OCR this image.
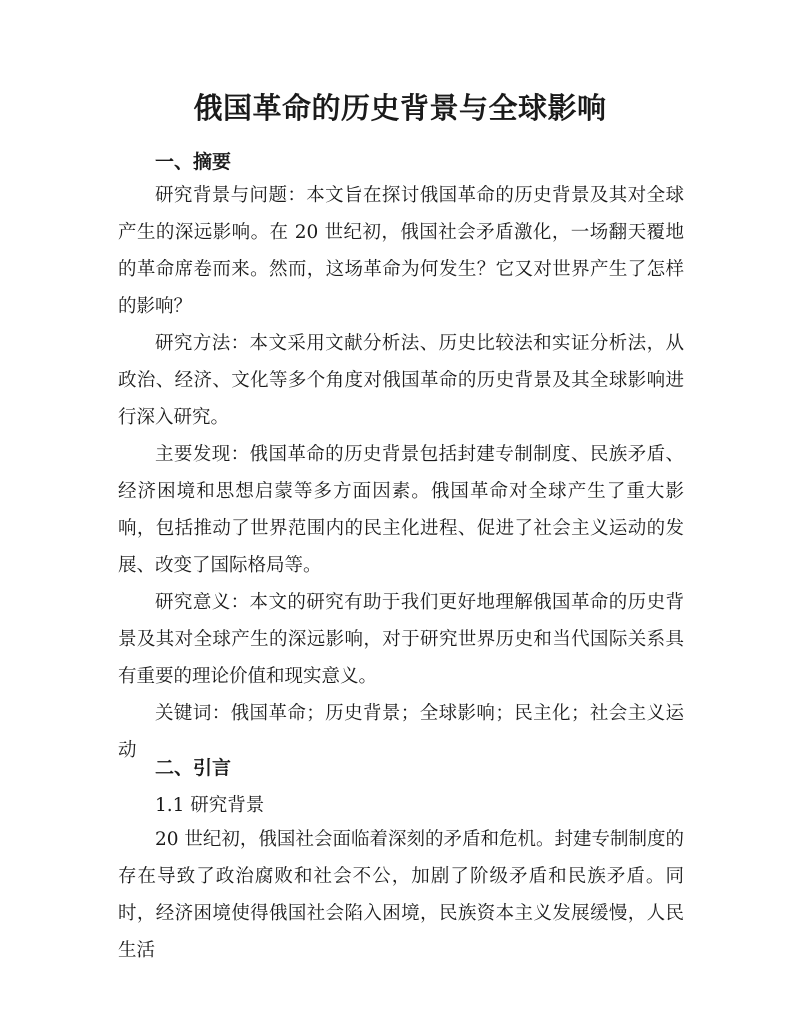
俄国革命的历史背景与全球影响
一、摘要

研究背景与问题：本文旨在探讨俄国革命的历史背景及其对全球产生的深远影响。在 20 世纪初，俄国社会矛盾激化，一场翻天覆地的革命席卷而来。然而，这场革命为何发生？它又对世界产生了怎样的影响？

研究方法：本文采用文献分析法、历史比较法和实证分析法，从政治、经济、文化等多个角度对俄国革命的历史背景及其全球影响进行深入研究。

主要发现：俄国革命的历史背景包括封建专制制度、民族矛盾、经济困境和思想启蒙等多方面因素。俄国革命对全球产生了重大影响，包括推动了世界范围内的民主化进程、促进了社会主义运动的发展、改变了国际格局等。

研究意义：本文的研究有助于我们更好地理解俄国革命的历史背景及其对全球产生的深远影响，对于研究世界历史和当代国际关系具有重要的理论价值和现实意义。

关键词：俄国革命；历史背景；全球影响；民主化；社会主义运动

二、引言

1.1 研究背景

20 世纪初，俄国社会面临着深刻的矛盾和危机。封建专制制度的存在导致了政治腐败和社会不公，加剧了阶级矛盾和民族矛盾。同时，经济困境使得俄国社会陷入困境，民族资本主义发展缓慢，人民生活
